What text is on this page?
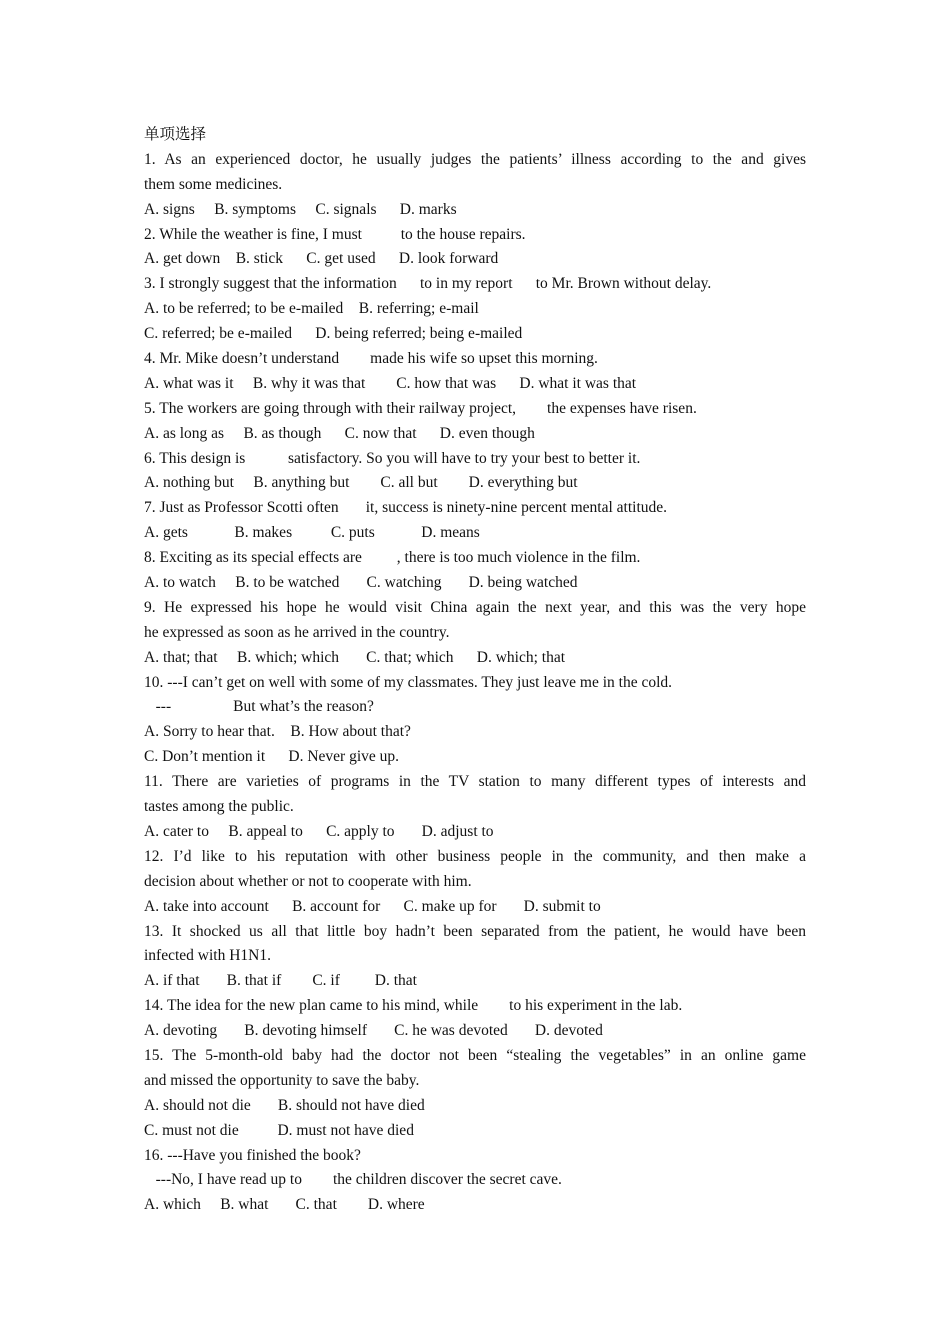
单项选择
1. As an experienced doctor, he usually judges the patients’ illness according to the and gives
them some medicines.
A. signs     B. symptoms     C. signals      D. marks
2. While the weather is fine, I must          to the house repairs.
A. get down    B. stick      C. get used      D. look forward
3. I strongly suggest that the information      to in my report      to Mr. Brown without delay.
A. to be referred; to be e-mailed    B. referring; e-mail
C. referred; be e-mailed      D. being referred; being e-mailed
4. Mr. Mike doesn’t understand        made his wife so upset this morning.
A. what was it     B. why it was that        C. how that was      D. what it was that
5. The workers are going through with their railway project,        the expenses have risen.
A. as long as     B. as though      C. now that      D. even though
6. This design is           satisfactory. So you will have to try your best to better it.
A. nothing but     B. anything but        C. all but        D. everything but
7. Just as Professor Scotti often       it, success is ninety-nine percent mental attitude.
A. gets            B. makes          C. puts            D. means
8. Exciting as its special effects are         , there is too much violence in the film.
A. to watch     B. to be watched       C. watching       D. being watched
9. He expressed his hope he would visit China again the next year, and this was the very hope
he expressed as soon as he arrived in the country.
A. that; that     B. which; which       C. that; which      D. which; that
10. ---I can’t get on well with some of my classmates. They just leave me in the cold.
---                But what’s the reason?
A. Sorry to hear that.    B. How about that?
C. Don’t mention it      D. Never give up.
11. There are varieties of programs in the TV station to many different types of interests and
tastes among the public.
A. cater to     B. appeal to      C. apply to       D. adjust to
12. I’d like to his reputation with other business people in the community, and then make a
decision about whether or not to cooperate with him.
A. take into account      B. account for      C. make up for       D. submit to
13. It shocked us all that little boy hadn’t been separated from the patient, he would have been
infected with H1N1.
A. if that       B. that if        C. if         D. that
14. The idea for the new plan came to his mind, while        to his experiment in the lab.
A. devoting       B. devoting himself       C. he was devoted       D. devoted
15. The 5-month-old baby had the doctor not been “stealing the vegetables” in an online game
and missed the opportunity to save the baby.
A. should not die       B. should not have died
C. must not die          D. must not have died
16. ---Have you finished the book?
---No, I have read up to        the children discover the secret cave.
A. which     B. what       C. that        D. where
